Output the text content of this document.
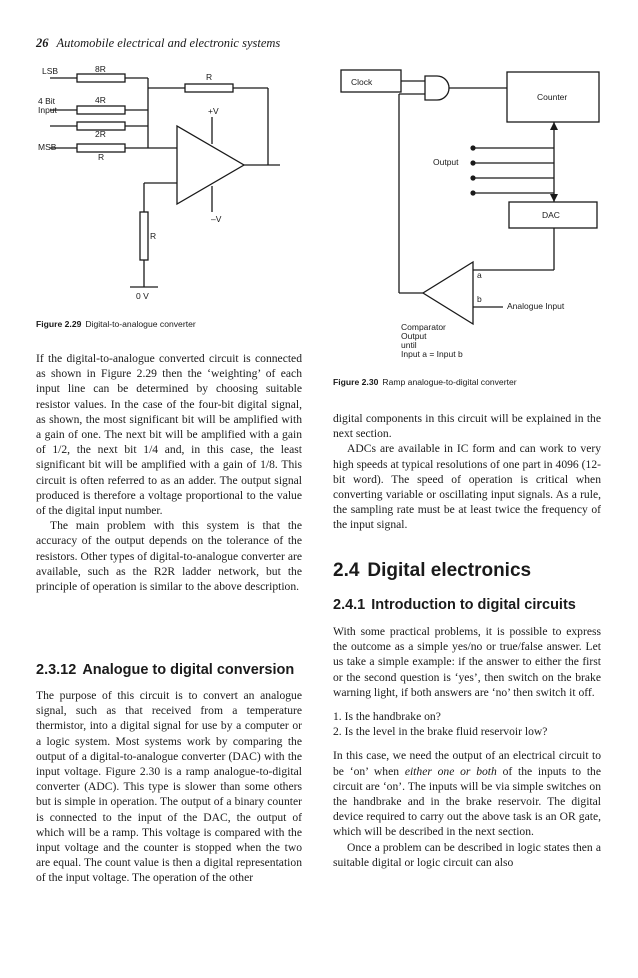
26 Automobile electrical and electronic systems
LSB
4 Bit
Input
MSB
8R
4R
2R
R
R
+V
–V
R
0 V
Figure 2.29 Digital-to-analogue converter
Clock
Counter
Output
DAC
a
b
Analogue Input
Comparator
Output
until
Input a = Input b
Figure 2.30 Ramp analogue-to-digital converter

If the digital-to-analogue converted circuit is connected as shown in Figure 2.29 then the ‘weighting’ of each input line can be determined by choosing suitable resistor values. In the case of the four-bit digital signal, as shown, the most significant bit will be amplified with a gain of one. The next bit will be amplified with a gain of 1/2, the next bit 1/4 and, in this case, the least significant bit will be amplified with a gain of 1/8. This circuit is often referred to as an adder. The output signal produced is therefore a voltage proportional to the value of the digital input number.

The main problem with this system is that the accuracy of the output depends on the tolerance of the resistors. Other types of digital-to-analogue converter are available, such as the R2R ladder network, but the principle of operation is similar to the above description.

2.3.12 Analogue to digital conversion

The purpose of this circuit is to convert an analogue signal, such as that received from a temperature thermistor, into a digital signal for use by a computer or a logic system. Most systems work by comparing the output of a digital-to-analogue converter (DAC) with the input voltage. Figure 2.30 is a ramp analogue-to-digital converter (ADC). This type is slower than some others but is simple in operation. The output of a binary counter is connected to the input of the DAC, the output of which will be a ramp. This voltage is compared with the input voltage and the counter is stopped when the two are equal. The count value is then a digital representation of the input voltage. The operation of the other

digital components in this circuit will be explained in the next section.

ADCs are available in IC form and can work to very high speeds at typical resolutions of one part in 4096 (12-bit word). The speed of operation is critical when converting variable or oscillating input signals. As a rule, the sampling rate must be at least twice the frequency of the input signal.

2.4 Digital electronics
2.4.1 Introduction to digital circuits

With some practical problems, it is possible to express the outcome as a simple yes/no or true/false answer. Let us take a simple example: if the answer to either the first or the second question is ‘yes’, then switch on the brake warning light, if both answers are ‘no’ then switch it off.

1. Is the handbrake on?
2. Is the level in the brake fluid reservoir low?

In this case, we need the output of an electrical circuit to be ‘on’ when either one or both of the inputs to the circuit are ‘on’. The inputs will be via simple switches on the handbrake and in the brake reservoir. The digital device required to carry out the above task is an OR gate, which will be described in the next section.

Once a problem can be described in logic states then a suitable digital or logic circuit can also
